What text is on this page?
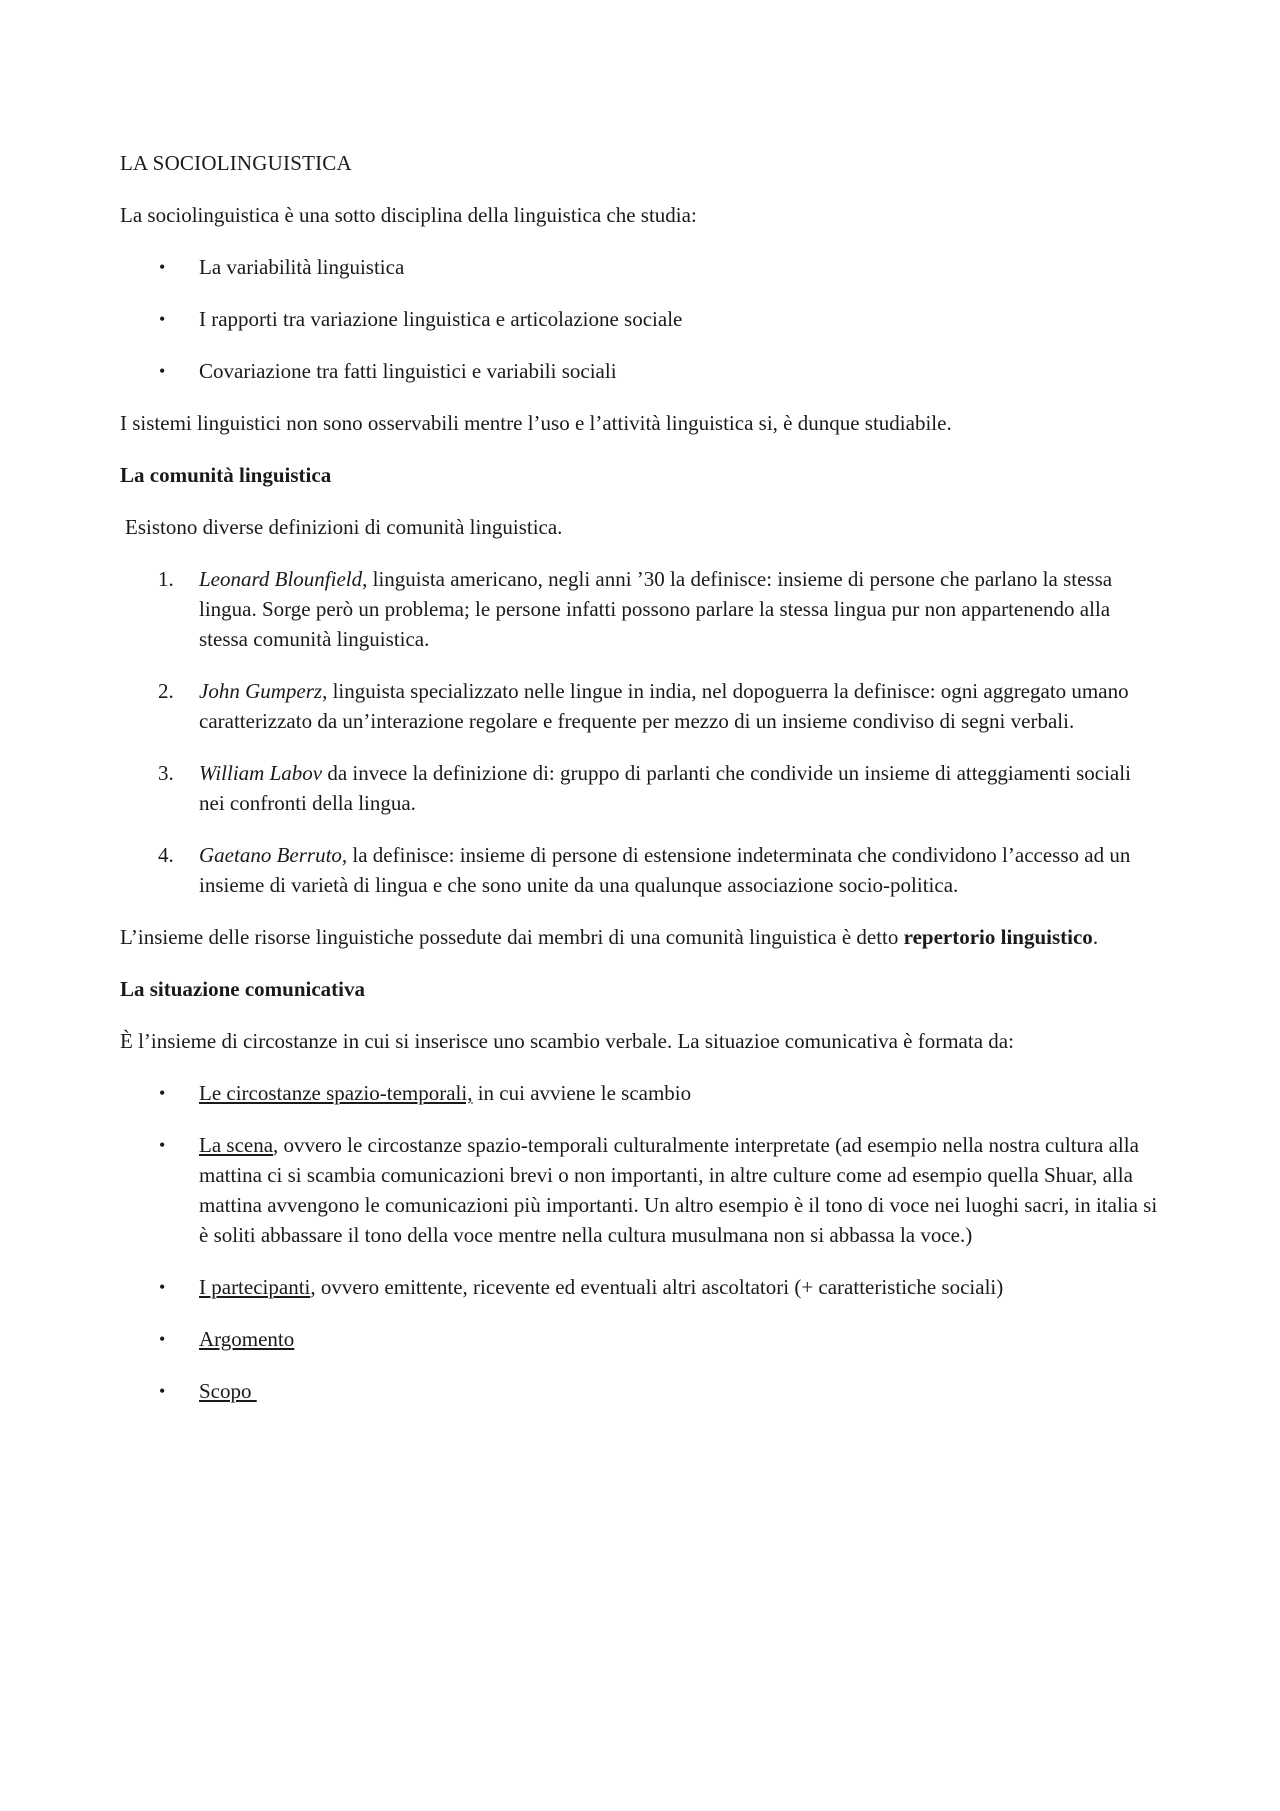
LA SOCIOLINGUISTICA

La sociolinguistica è una sotto disciplina della linguistica che studia:

• La variabilità linguistica
• I rapporti tra variazione linguistica e articolazione sociale
• Covariazione tra fatti linguistici e variabili sociali

I sistemi linguistici non sono osservabili mentre l’uso e l’attività linguistica si, è dunque studiabile.

La comunità linguistica

Esistono diverse definizioni di comunità linguistica.

1. Leonard Blounfield, linguista americano, negli anni ’30 la definisce: insieme di persone che parlano la stessa lingua. Sorge però un problema; le persone infatti possono parlare la stessa lingua pur non appartenendo alla stessa comunità linguistica.
2. John Gumperz, linguista specializzato nelle lingue in india, nel dopoguerra la definisce: ogni aggregato umano caratterizzato da un’interazione regolare e frequente per mezzo di un insieme condiviso di segni verbali.
3. William Labov da invece la definizione di: gruppo di parlanti che condivide un insieme di atteggiamenti sociali nei confronti della lingua.
4. Gaetano Berruto, la definisce: insieme di persone di estensione indeterminata che condividono l’accesso ad un insieme di varietà di lingua e che sono unite da una qualunque associazione socio-politica.

L’insieme delle risorse linguistiche possedute dai membri di una comunità linguistica è detto repertorio linguistico.

La situazione comunicativa

È l’insieme di circostanze in cui si inserisce uno scambio verbale. La situazioe comunicativa è formata da:

• Le circostanze spazio-temporali, in cui avviene le scambio
• La scena, ovvero le circostanze spazio-temporali culturalmente interpretate (ad esempio nella nostra cultura alla mattina ci si scambia comunicazioni brevi o non importanti, in altre culture come ad esempio quella Shuar, alla mattina avvengono le comunicazioni più importanti. Un altro esempio è il tono di voce nei luoghi sacri, in italia si è soliti abbassare il tono della voce mentre nella cultura musulmana non si abbassa la voce.)
• I partecipanti, ovvero emittente, ricevente ed eventuali altri ascoltatori (+ caratteristiche sociali)
• Argomento
• Scopo
